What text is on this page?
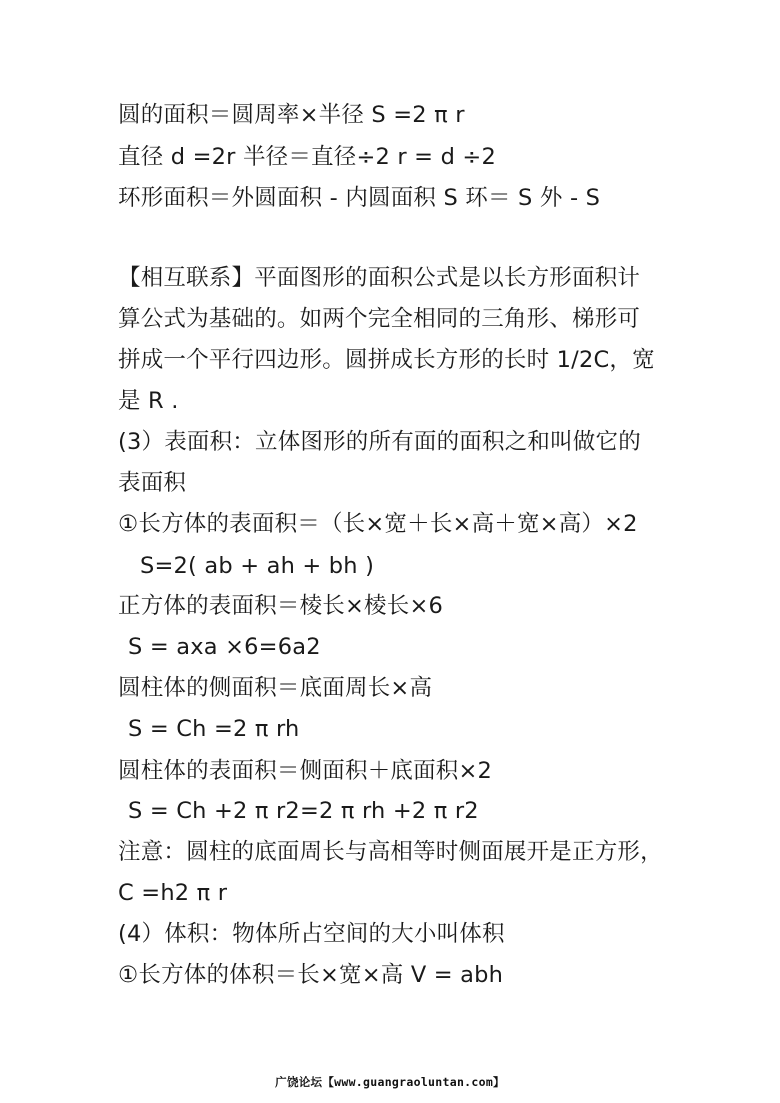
圆的面积＝圆周率×半径 S =2 π r
直径 d =2r 半径＝直径÷2 r = d ÷2
环形面积＝外圆面积 - 内圆面积 S 环＝ S 外 - S
【相互联系】平面图形的面积公式是以长方形面积计
算公式为基础的。如两个完全相同的三角形、梯形可
拼成一个平行四边形。圆拼成长方形的长时 1/2C，宽
是 R .
(3）表面积：立体图形的所有面的面积之和叫做它的
表面积
①长方体的表面积＝（长×宽＋长×高＋宽×高）×2
S=2( ab + ah + bh )
正方体的表面积＝棱长×棱长×6
S = axa ×6=6a2
圆柱体的侧面积＝底面周长×高
S = Ch =2 π rh
圆柱体的表面积＝侧面积＋底面积×2
S = Ch +2 π r2=2 π rh +2 π r2
注意：圆柱的底面周长与高相等时侧面展开是正方形，
C =h2 π r
(4）体积：物体所占空间的大小叫体积
①长方体的体积＝长×宽×高 V = abh
广饶论坛【www.guangraoluntan.com】
